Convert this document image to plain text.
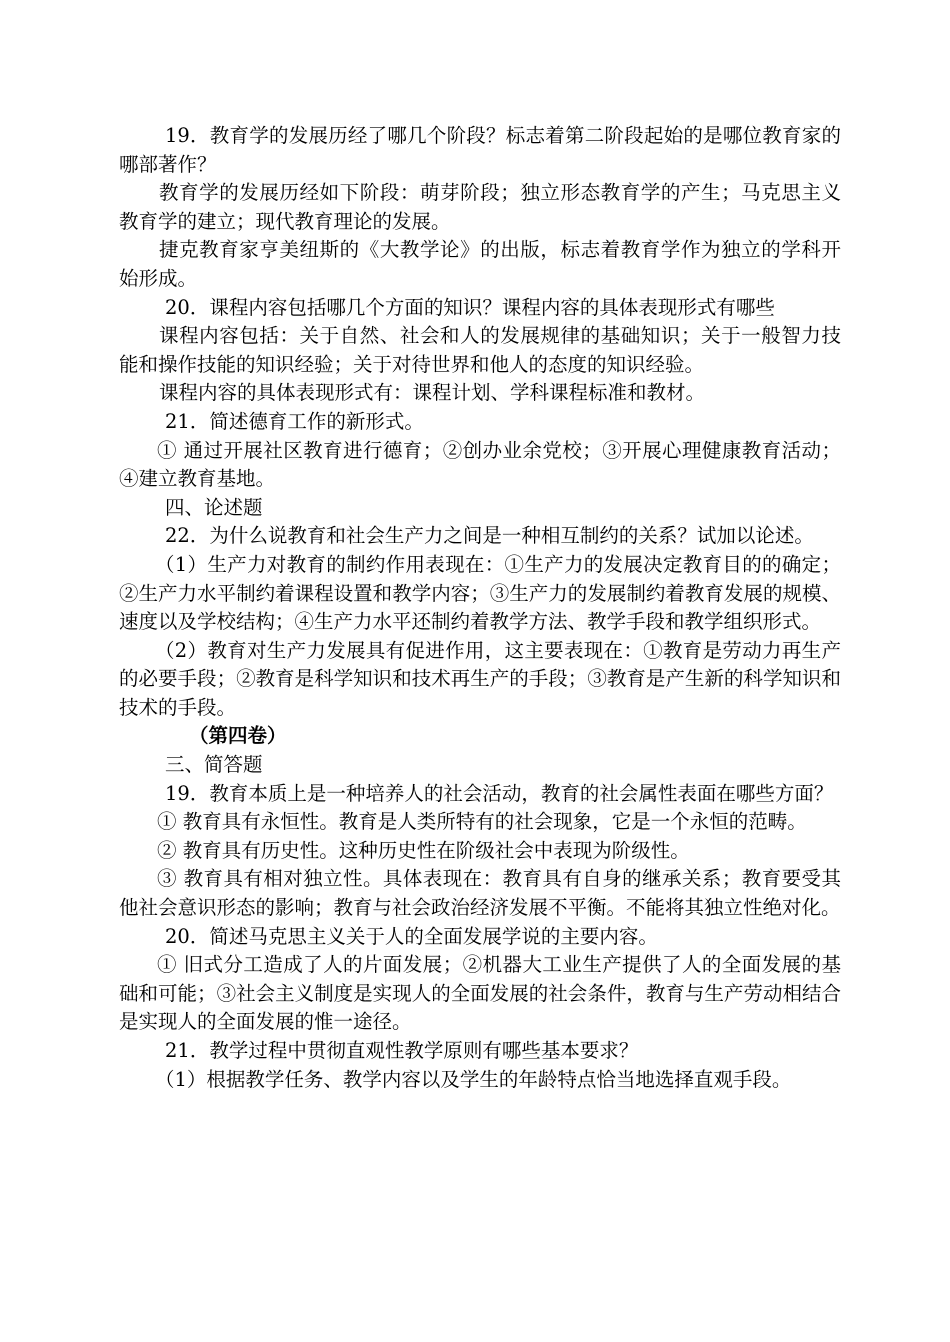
19．教育学的发展历经了哪几个阶段？标志着第二阶段起始的是哪位教育家的哪部著作？

教育学的发展历经如下阶段：萌芽阶段；独立形态教育学的产生；马克思主义教育学的建立；现代教育理论的发展。

捷克教育家亨美纽斯的《大教学论》的出版，标志着教育学作为独立的学科开始形成。

20．课程内容包括哪几个方面的知识？课程内容的具体表现形式有哪些

课程内容包括：关于自然、社会和人的发展规律的基础知识；关于一般智力技能和操作技能的知识经验；关于对待世界和他人的态度的知识经验。

课程内容的具体表现形式有：课程计划、学科课程标准和教材。

21．简述德育工作的新形式。

① 通过开展社区教育进行德育；②创办业余党校；③开展心理健康教育活动；④建立教育基地。

四、论述题

22．为什么说教育和社会生产力之间是一种相互制约的关系？试加以论述。

（1）生产力对教育的制约作用表现在：①生产力的发展决定教育目的的确定；②生产力水平制约着课程设置和教学内容；③生产力的发展制约着教育发展的规模、速度以及学校结构；④生产力水平还制约着教学方法、教学手段和教学组织形式。

（2）教育对生产力发展具有促进作用，这主要表现在：①教育是劳动力再生产的必要手段；②教育是科学知识和技术再生产的手段；③教育是产生新的科学知识和技术的手段。

（第四卷）

三、简答题

19．教育本质上是一种培养人的社会活动，教育的社会属性表面在哪些方面？

① 教育具有永恒性。教育是人类所特有的社会现象，它是一个永恒的范畴。

② 教育具有历史性。这种历史性在阶级社会中表现为阶级性。

③ 教育具有相对独立性。具体表现在：教育具有自身的继承关系；教育要受其他社会意识形态的影响；教育与社会政治经济发展不平衡。不能将其独立性绝对化。

20．简述马克思主义关于人的全面发展学说的主要内容。

① 旧式分工造成了人的片面发展；②机器大工业生产提供了人的全面发展的基础和可能；③社会主义制度是实现人的全面发展的社会条件，教育与生产劳动相结合是实现人的全面发展的惟一途径。

21．教学过程中贯彻直观性教学原则有哪些基本要求？

（1）根据教学任务、教学内容以及学生的年龄特点恰当地选择直观手段。
